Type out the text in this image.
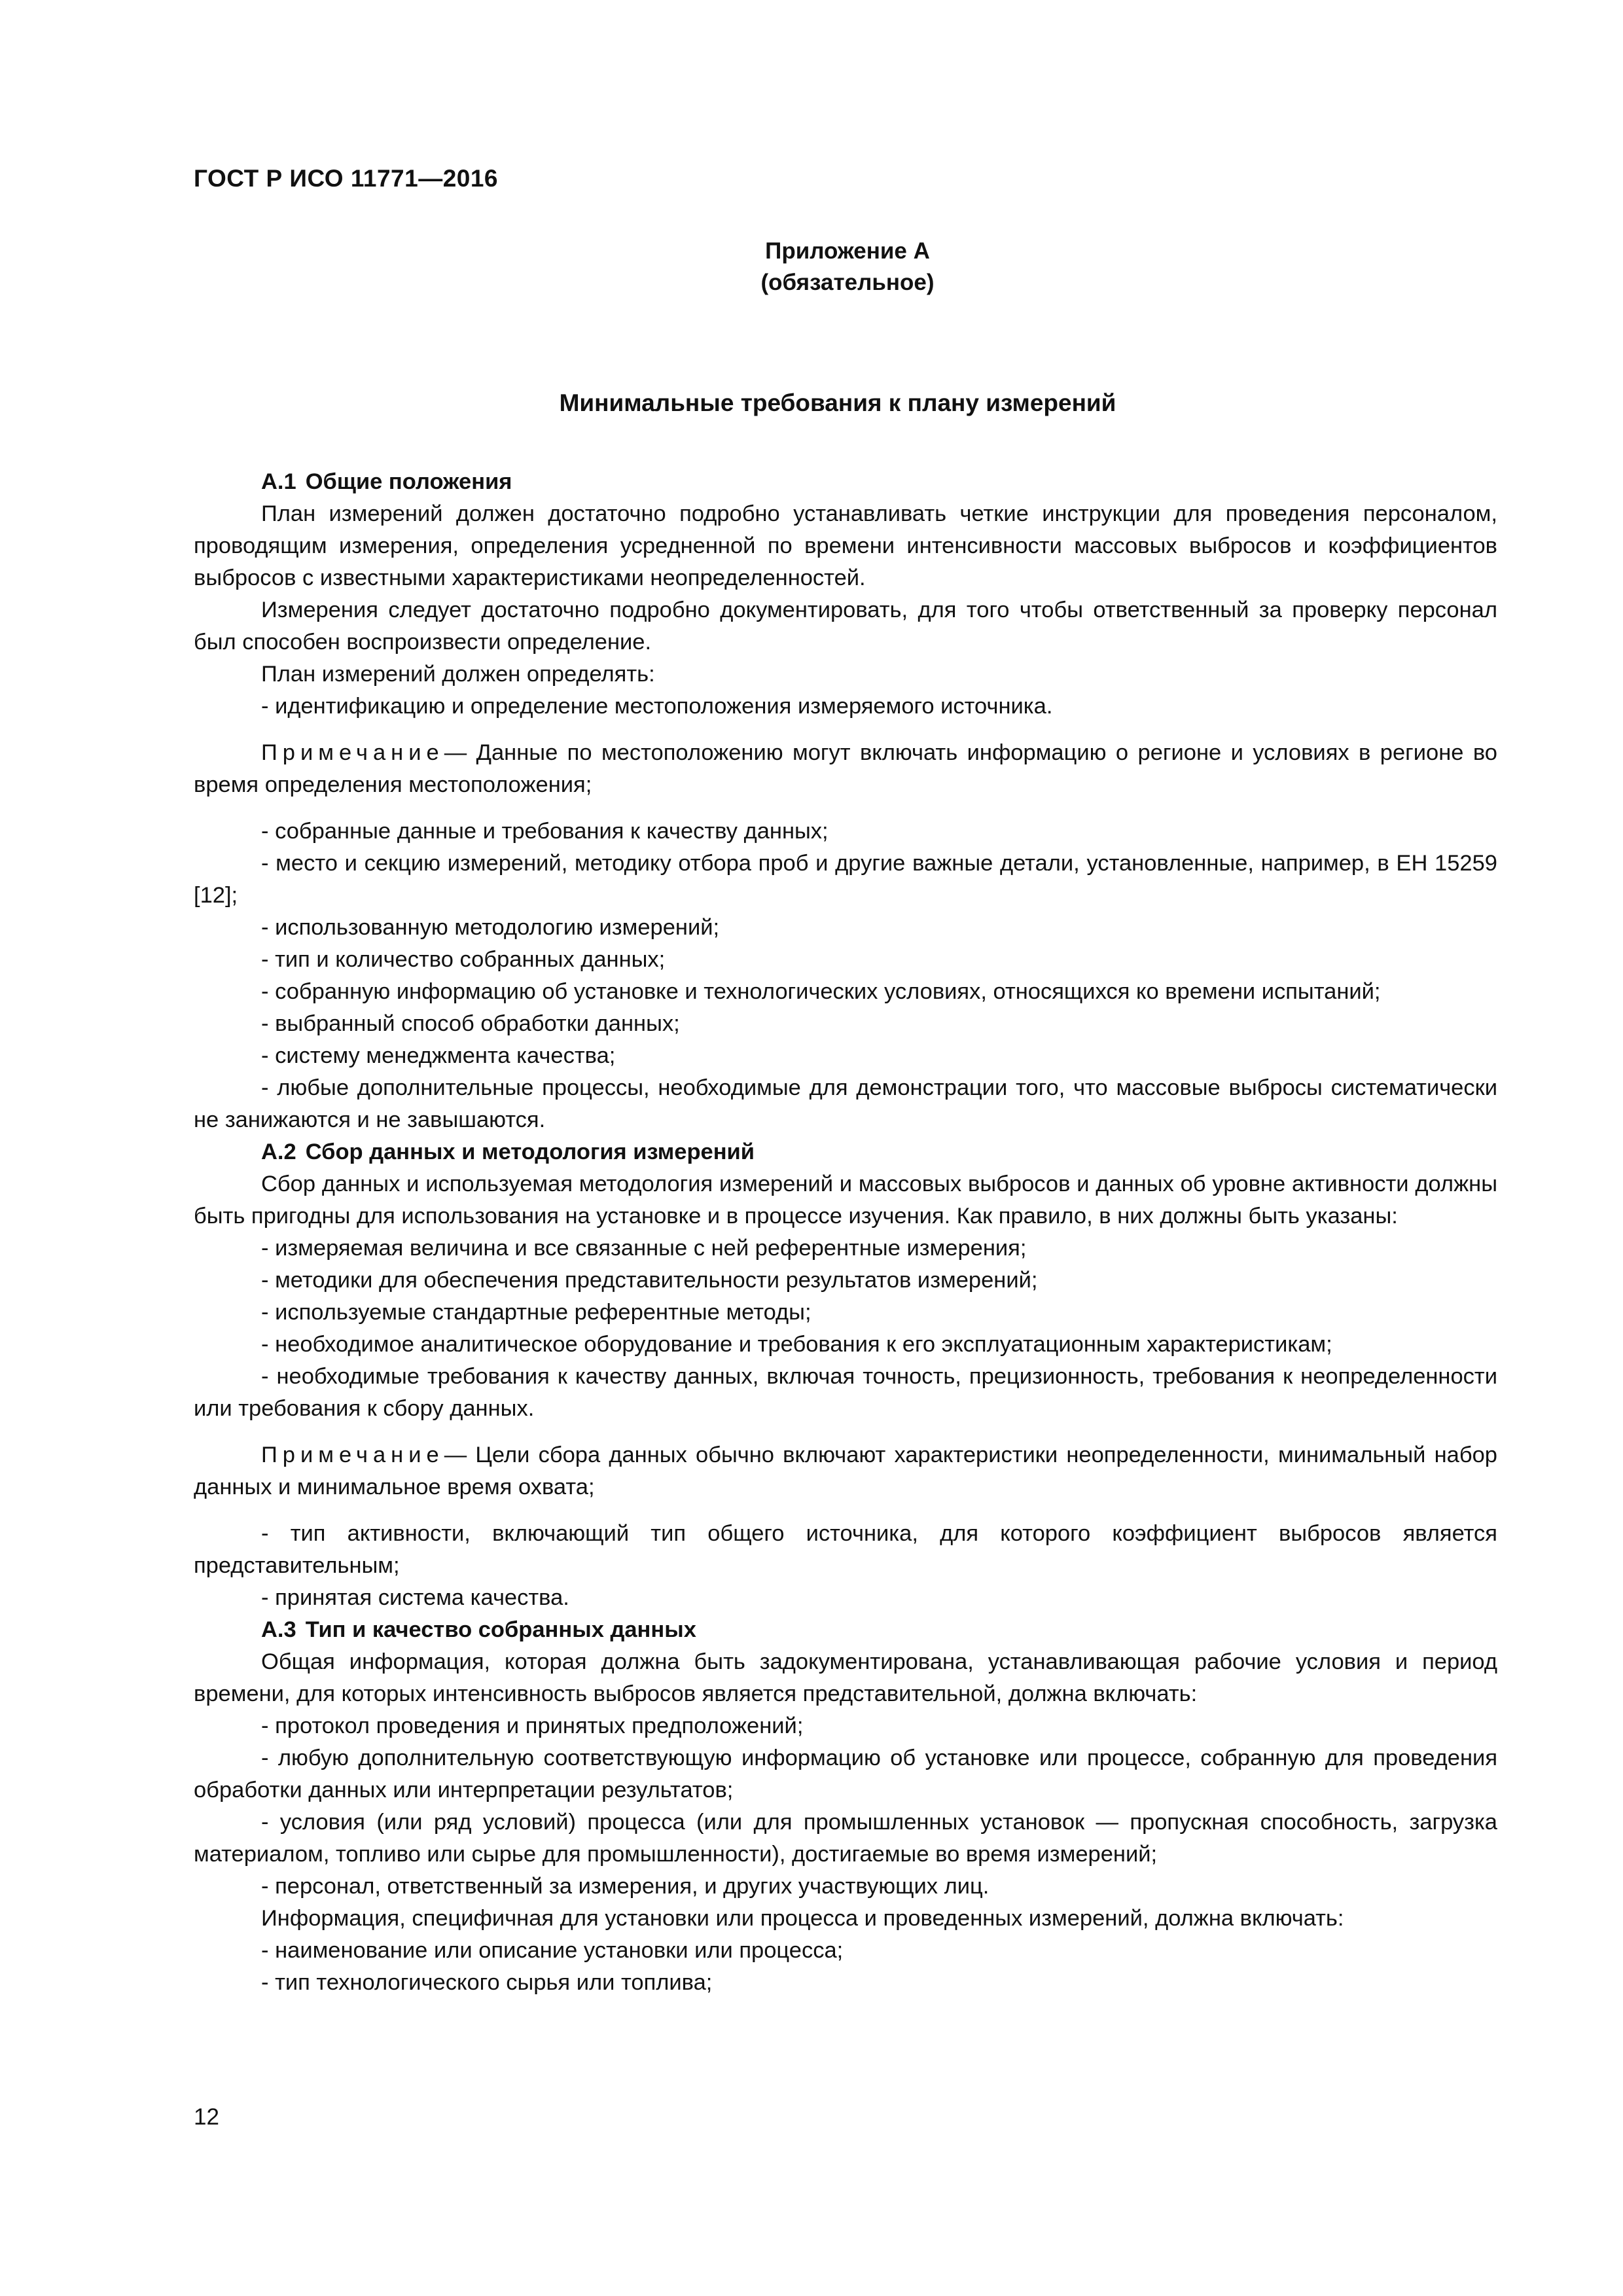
ГОСТ Р ИСО 11771—2016
Приложение А
(обязательное)
Минимальные требования к плану измерений
А.1 Общие положения

План измерений должен достаточно подробно устанавливать четкие инструкции для проведения персоналом, проводящим измерения, определения усредненной по времени интенсивности массовых выбросов и коэффициентов выбросов с известными характеристиками неопределенностей.

Измерения следует достаточно подробно документировать, для того чтобы ответственный за проверку персонал был способен воспроизвести определение.

План измерений должен определять:

- идентификацию и определение местоположения измеряемого источника.

Примечание— Данные по местоположению могут включать информацию о регионе и условиях в регионе во время определения местоположения;

- собранные данные и требования к качеству данных;

- место и секцию измерений, методику отбора проб и другие важные детали, установленные, например, в ЕН 15259 [12];

- использованную методологию измерений;

- тип и количество собранных данных;

- собранную информацию об установке и технологических условиях, относящихся ко времени испытаний;

- выбранный способ обработки данных;

- систему менеджмента качества;

- любые дополнительные процессы, необходимые для демонстрации того, что массовые выбросы систематически не занижаются и не завышаются.

А.2 Сбор данных и методология измерений

Сбор данных и используемая методология измерений и массовых выбросов и данных об уровне активности должны быть пригодны для использования на установке и в процессе изучения. Как правило, в них должны быть указаны:

- измеряемая величина и все связанные с ней референтные измерения;

- методики для обеспечения представительности результатов измерений;

- используемые стандартные референтные методы;

- необходимое аналитическое оборудование и требования к его эксплуатационным характеристикам;

- необходимые требования к качеству данных, включая точность, прецизионность, требования к неопределенности или требования к сбору данных.

Примечание— Цели сбора данных обычно включают характеристики неопределенности, минимальный набор данных и минимальное время охвата;

- тип активности, включающий тип общего источника, для которого коэффициент выбросов является представительным;

- принятая система качества.

А.3 Тип и качество собранных данных

Общая информация, которая должна быть задокументирована, устанавливающая рабочие условия и период времени, для которых интенсивность выбросов является представительной, должна включать:

- протокол проведения и принятых предположений;

- любую дополнительную соответствующую информацию об установке или процессе, собранную для проведения обработки данных или интерпретации результатов;

- условия (или ряд условий) процесса (или для промышленных установок — пропускная способность, загрузка материалом, топливо или сырье для промышленности), достигаемые во время измерений;

- персонал, ответственный за измерения, и других участвующих лиц.

Информация, специфичная для установки или процесса и проведенных измерений, должна включать:

- наименование или описание установки или процесса;

- тип технологического сырья или топлива;

12
